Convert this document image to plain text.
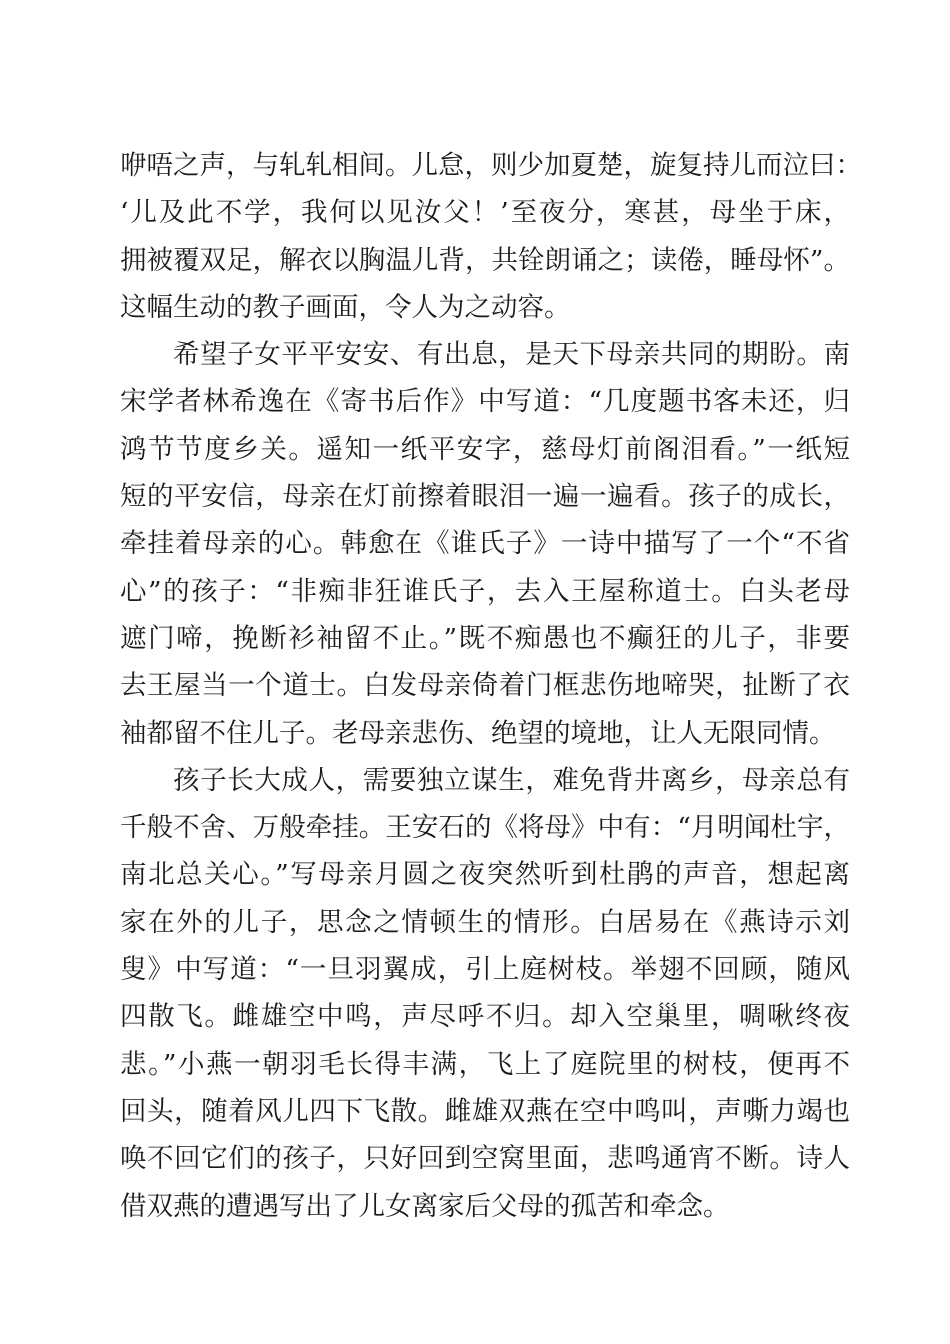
咿唔之声，与轧轧相间。儿怠，则少加夏楚，旋复持儿而泣曰：
‘儿及此不学，我何以见汝父！’至夜分，寒甚，母坐于床，
拥被覆双足，解衣以胸温儿背，共铨朗诵之；读倦，睡母怀”。
这幅生动的教子画面，令人为之动容。
希望子女平平安安、有出息，是天下母亲共同的期盼。南
宋学者林希逸在《寄书后作》中写道：“几度题书客未还，归
鸿节节度乡关。遥知一纸平安字，慈母灯前阁泪看。”一纸短
短的平安信，母亲在灯前擦着眼泪一遍一遍看。孩子的成长，
牵挂着母亲的心。韩愈在《谁氏子》一诗中描写了一个“不省
心”的孩子：“非痴非狂谁氏子，去入王屋称道士。白头老母
遮门啼，挽断衫袖留不止。”既不痴愚也不癫狂的儿子，非要
去王屋当一个道士。白发母亲倚着门框悲伤地啼哭，扯断了衣
袖都留不住儿子。老母亲悲伤、绝望的境地，让人无限同情。
孩子长大成人，需要独立谋生，难免背井离乡，母亲总有
千般不舍、万般牵挂。王安石的《将母》中有：“月明闻杜宇，
南北总关心。”写母亲月圆之夜突然听到杜鹃的声音，想起离
家在外的儿子，思念之情顿生的情形。白居易在《燕诗示刘
叟》中写道：“一旦羽翼成，引上庭树枝。举翅不回顾，随风
四散飞。雌雄空中鸣，声尽呼不归。却入空巢里，啁啾终夜
悲。”小燕一朝羽毛长得丰满，飞上了庭院里的树枝，便再不
回头，随着风儿四下飞散。雌雄双燕在空中鸣叫，声嘶力竭也
唤不回它们的孩子，只好回到空窝里面，悲鸣通宵不断。诗人
借双燕的遭遇写出了儿女离家后父母的孤苦和牵念。
